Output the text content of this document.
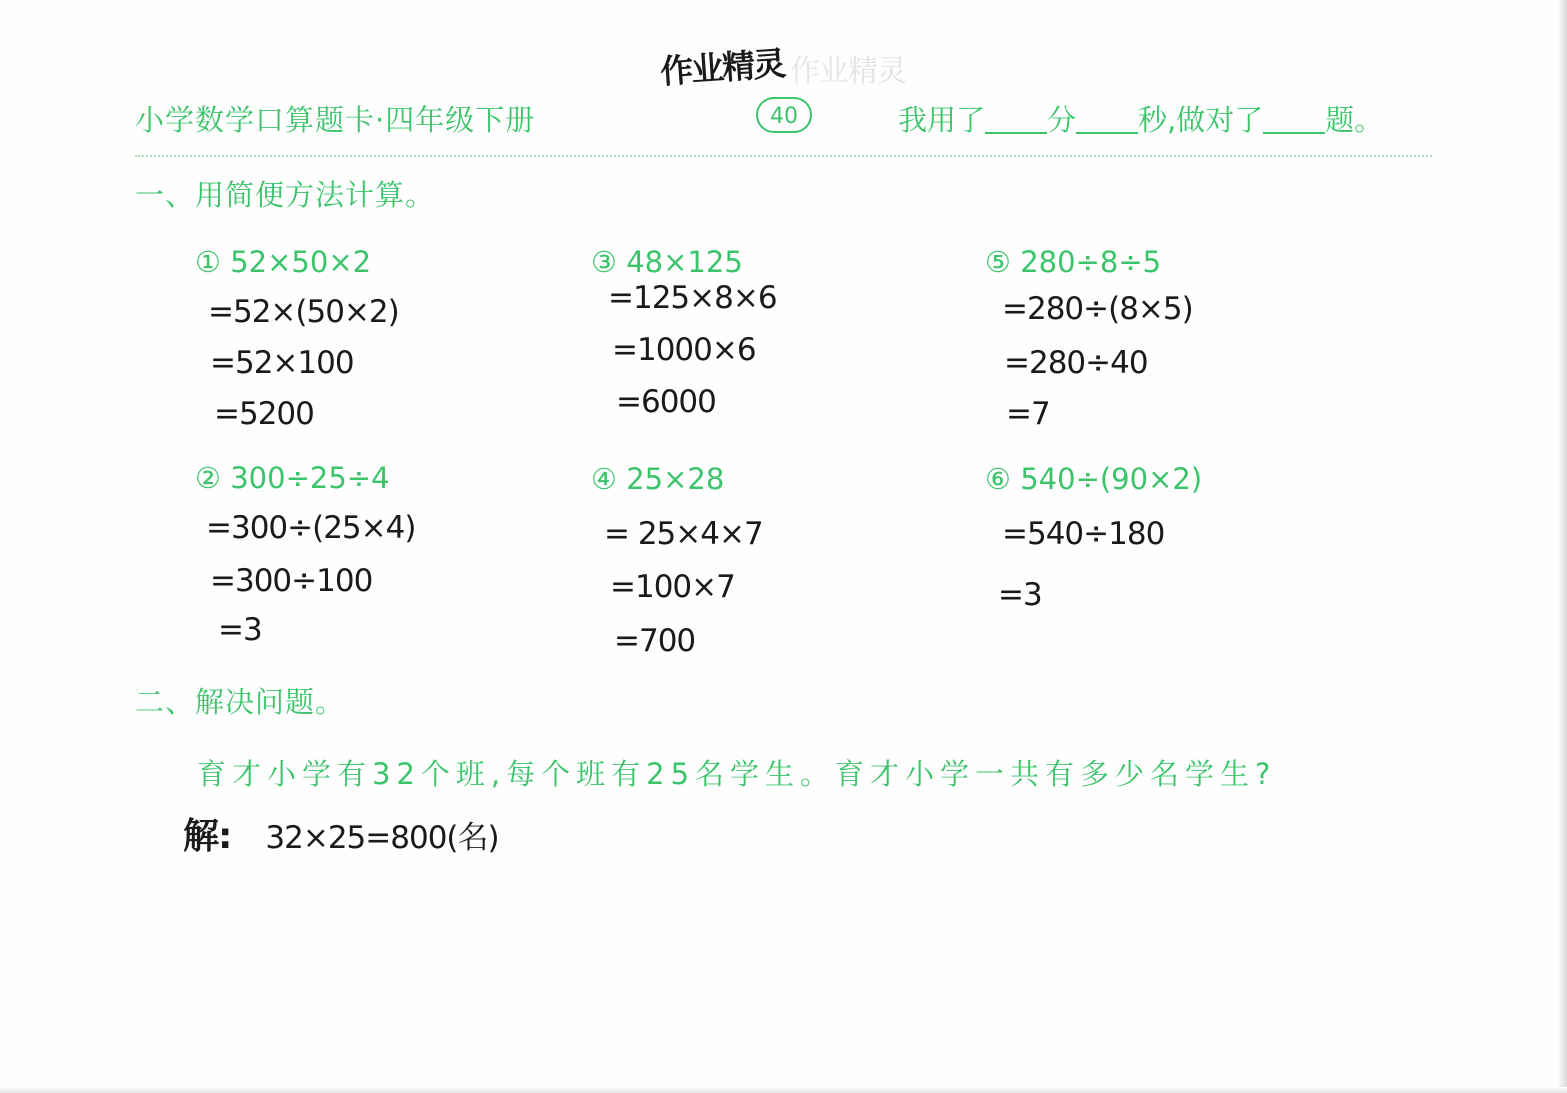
作业精灵 作业精灵
小学数学口算题卡·四年级下册	40	我用了 分 秒,做对了 题。
一、用简便方法计算。
① 52×50×2
=52×(50×2)
=52×100
=5200
② 300÷25÷4
=300÷(25×4)
=300÷100
=3
③ 48×125
=125×8×6
=1000×6
=6000
④ 25×28
= 25×4×7
=100×7
=700
⑤ 280÷8÷5
=280÷(8×5)
=280÷40
=7
⑥ 540÷(90×2)
=540÷180
=3
二、解决问题。
育才小学有32个班,每个班有25名学生。育才小学一共有多少名学生?
解: 32×25=800(名)
